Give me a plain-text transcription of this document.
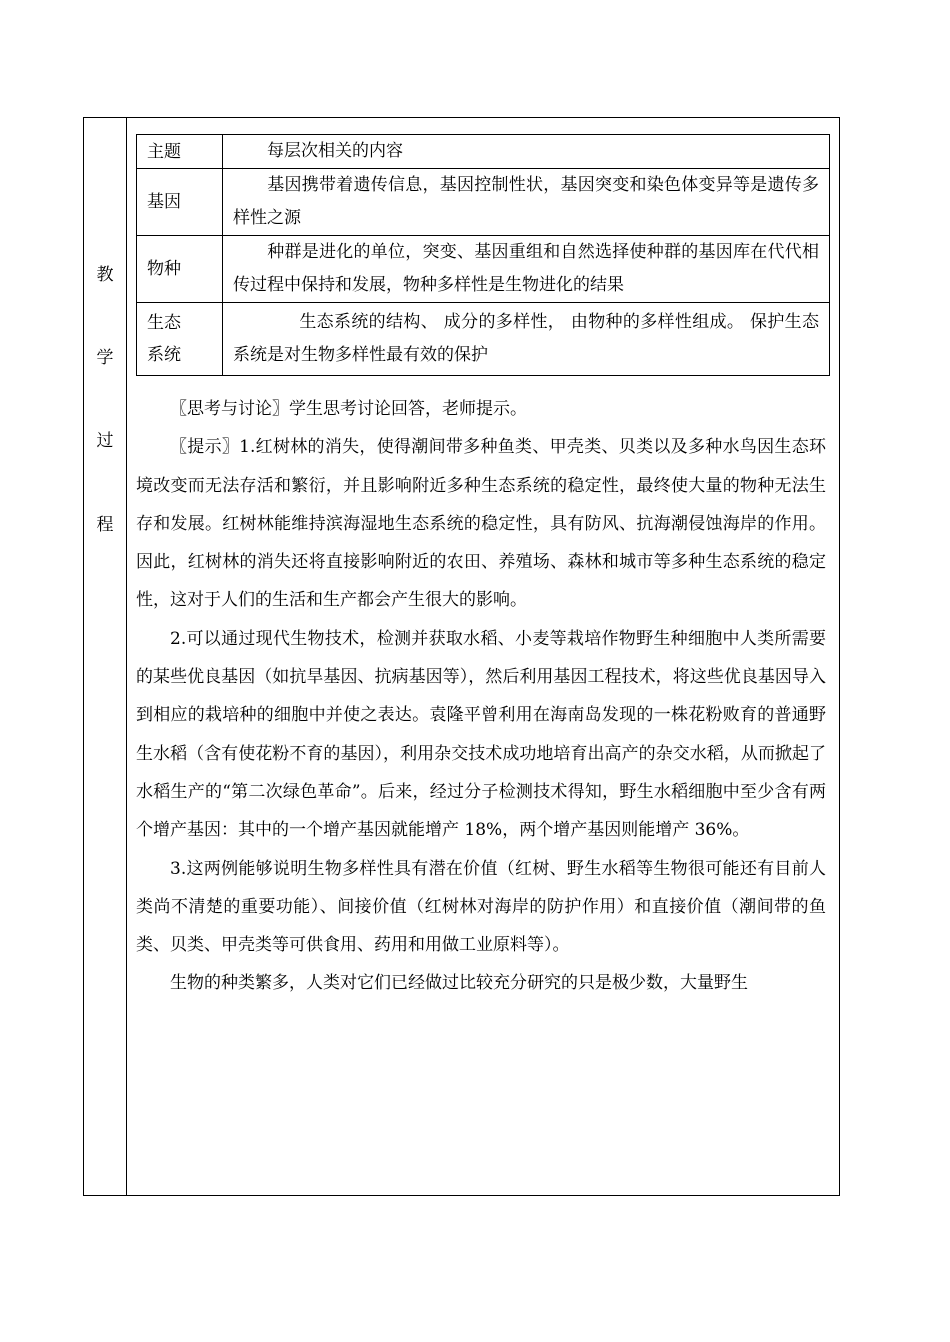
教
学
过
程
主题	每层次相关的内容
基因	基因携带着遗传信息，基因控制性状，基因突变和染色体变异等是遗传多样性之源
物种	种群是进化的单位，突变、基因重组和自然选择使种群的基因库在代代相传过程中保持和发展，物种多样性是生物进化的结果
生态
系统	生态系统的结构、 成分的多样性， 由物种的多样性组成。 保护生态系统是对生物多样性最有效的保护

〖思考与讨论〗学生思考讨论回答，老师提示。

〖提示〗1.红树林的消失，使得潮间带多种鱼类、甲壳类、贝类以及多种水鸟因生态环境改变而无法存活和繁衍，并且影响附近多种生态系统的稳定性，最终使大量的物种无法生存和发展。红树林能维持滨海湿地生态系统的稳定性，具有防风、抗海潮侵蚀海岸的作用。因此，红树林的消失还将直接影响附近的农田、养殖场、森林和城市等多种生态系统的稳定性，这对于人们的生活和生产都会产生很大的影响。

2.可以通过现代生物技术，检测并获取水稻、小麦等栽培作物野生种细胞中人类所需要的某些优良基因（如抗旱基因、抗病基因等），然后利用基因工程技术，将这些优良基因导入到相应的栽培种的细胞中并使之表达。袁隆平曾利用在海南岛发现的一株花粉败育的普通野生水稻（含有使花粉不育的基因），利用杂交技术成功地培育出高产的杂交水稻，从而掀起了水稻生产的“第二次绿色革命”。后来，经过分子检测技术得知，野生水稻细胞中至少含有两个增产基因：其中的一个增产基因就能增产 18%，两个增产基因则能增产 36%。

3.这两例能够说明生物多样性具有潜在价值（红树、野生水稻等生物很可能还有目前人类尚不清楚的重要功能）、间接价值（红树林对海岸的防护作用）和直接价值（潮间带的鱼类、贝类、甲壳类等可供食用、药用和用做工业原料等）。

生物的种类繁多，人类对它们已经做过比较充分研究的只是极少数，大量野生
